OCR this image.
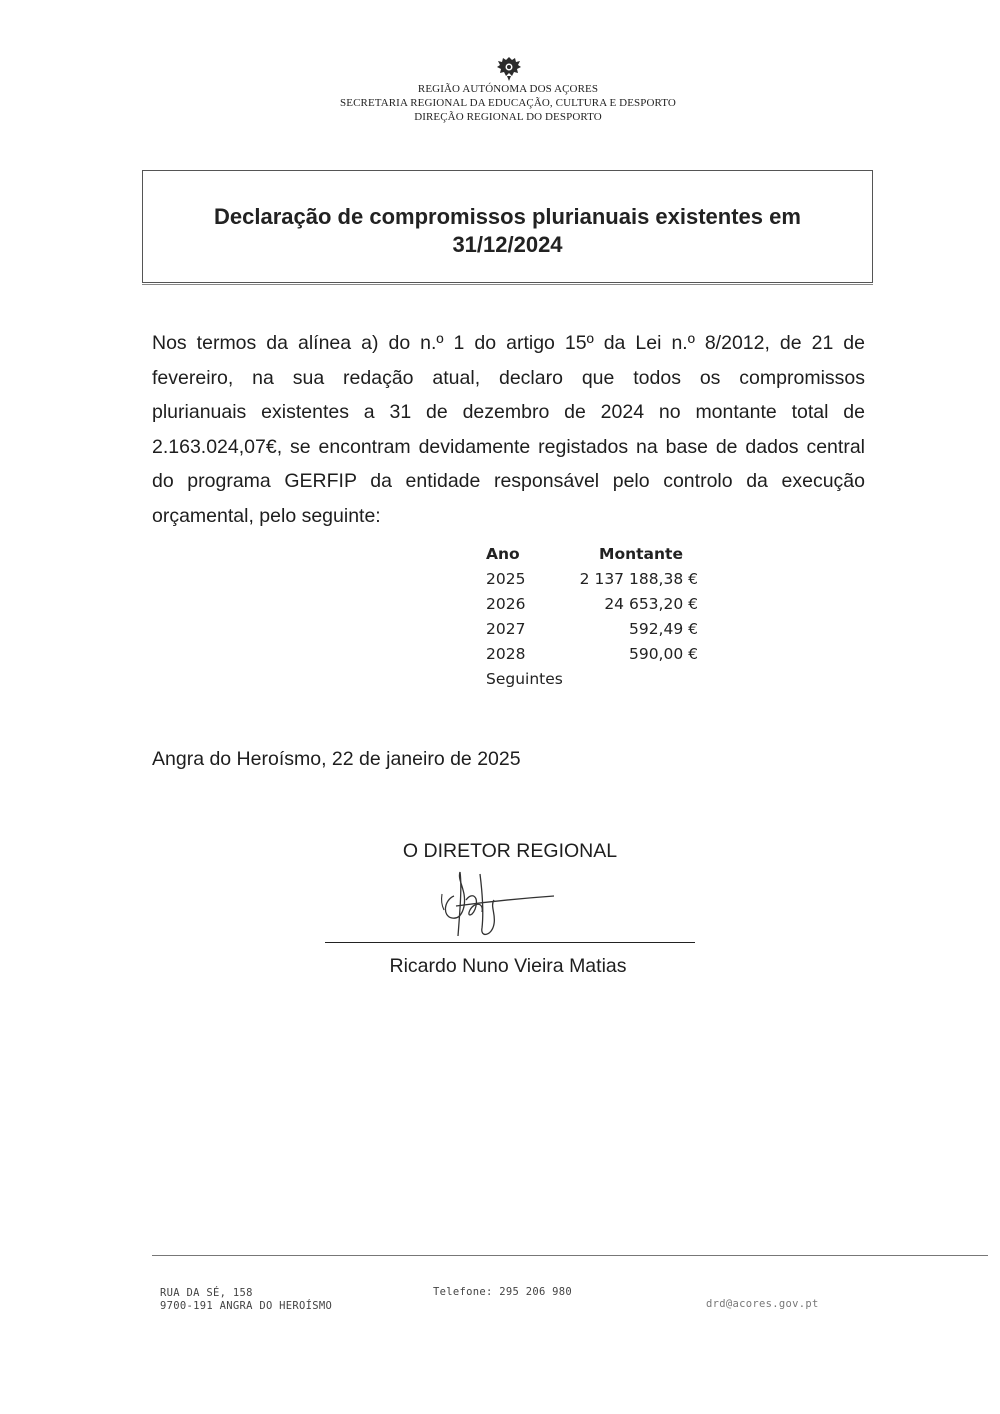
REGIÃO AUTÓNOMA DOS AÇORES
SECRETARIA REGIONAL DA EDUCAÇÃO, CULTURA E DESPORTO
DIREÇÃO REGIONAL DO DESPORTO
Declaração de compromissos plurianuais existentes em
31/12/2024
Nos termos da alínea a) do n.º 1 do artigo 15º da Lei n.º 8/2012, de 21 de
fevereiro, na sua redação atual, declaro que todos os compromissos
plurianuais existentes a 31 de dezembro de 2024 no montante total de
2.163.024,07€, se encontram devidamente registados na base de dados central
do programa GERFIP da entidade responsável pelo controlo da execução
orçamental, pelo seguinte:
Ano	Montante
2025	2 137 188,38 €
2026	24 653,20 €
2027	592,49 €
2028	590,00 €
Seguintes
Angra do Heroísmo, 22 de janeiro de 2025
O DIRETOR REGIONAL
Ricardo Nuno Vieira Matias
RUA DA SÉ, 158
9700-191 ANGRA DO HEROÍSMO
Telefone: 295 206 980
drd@acores.gov.pt
